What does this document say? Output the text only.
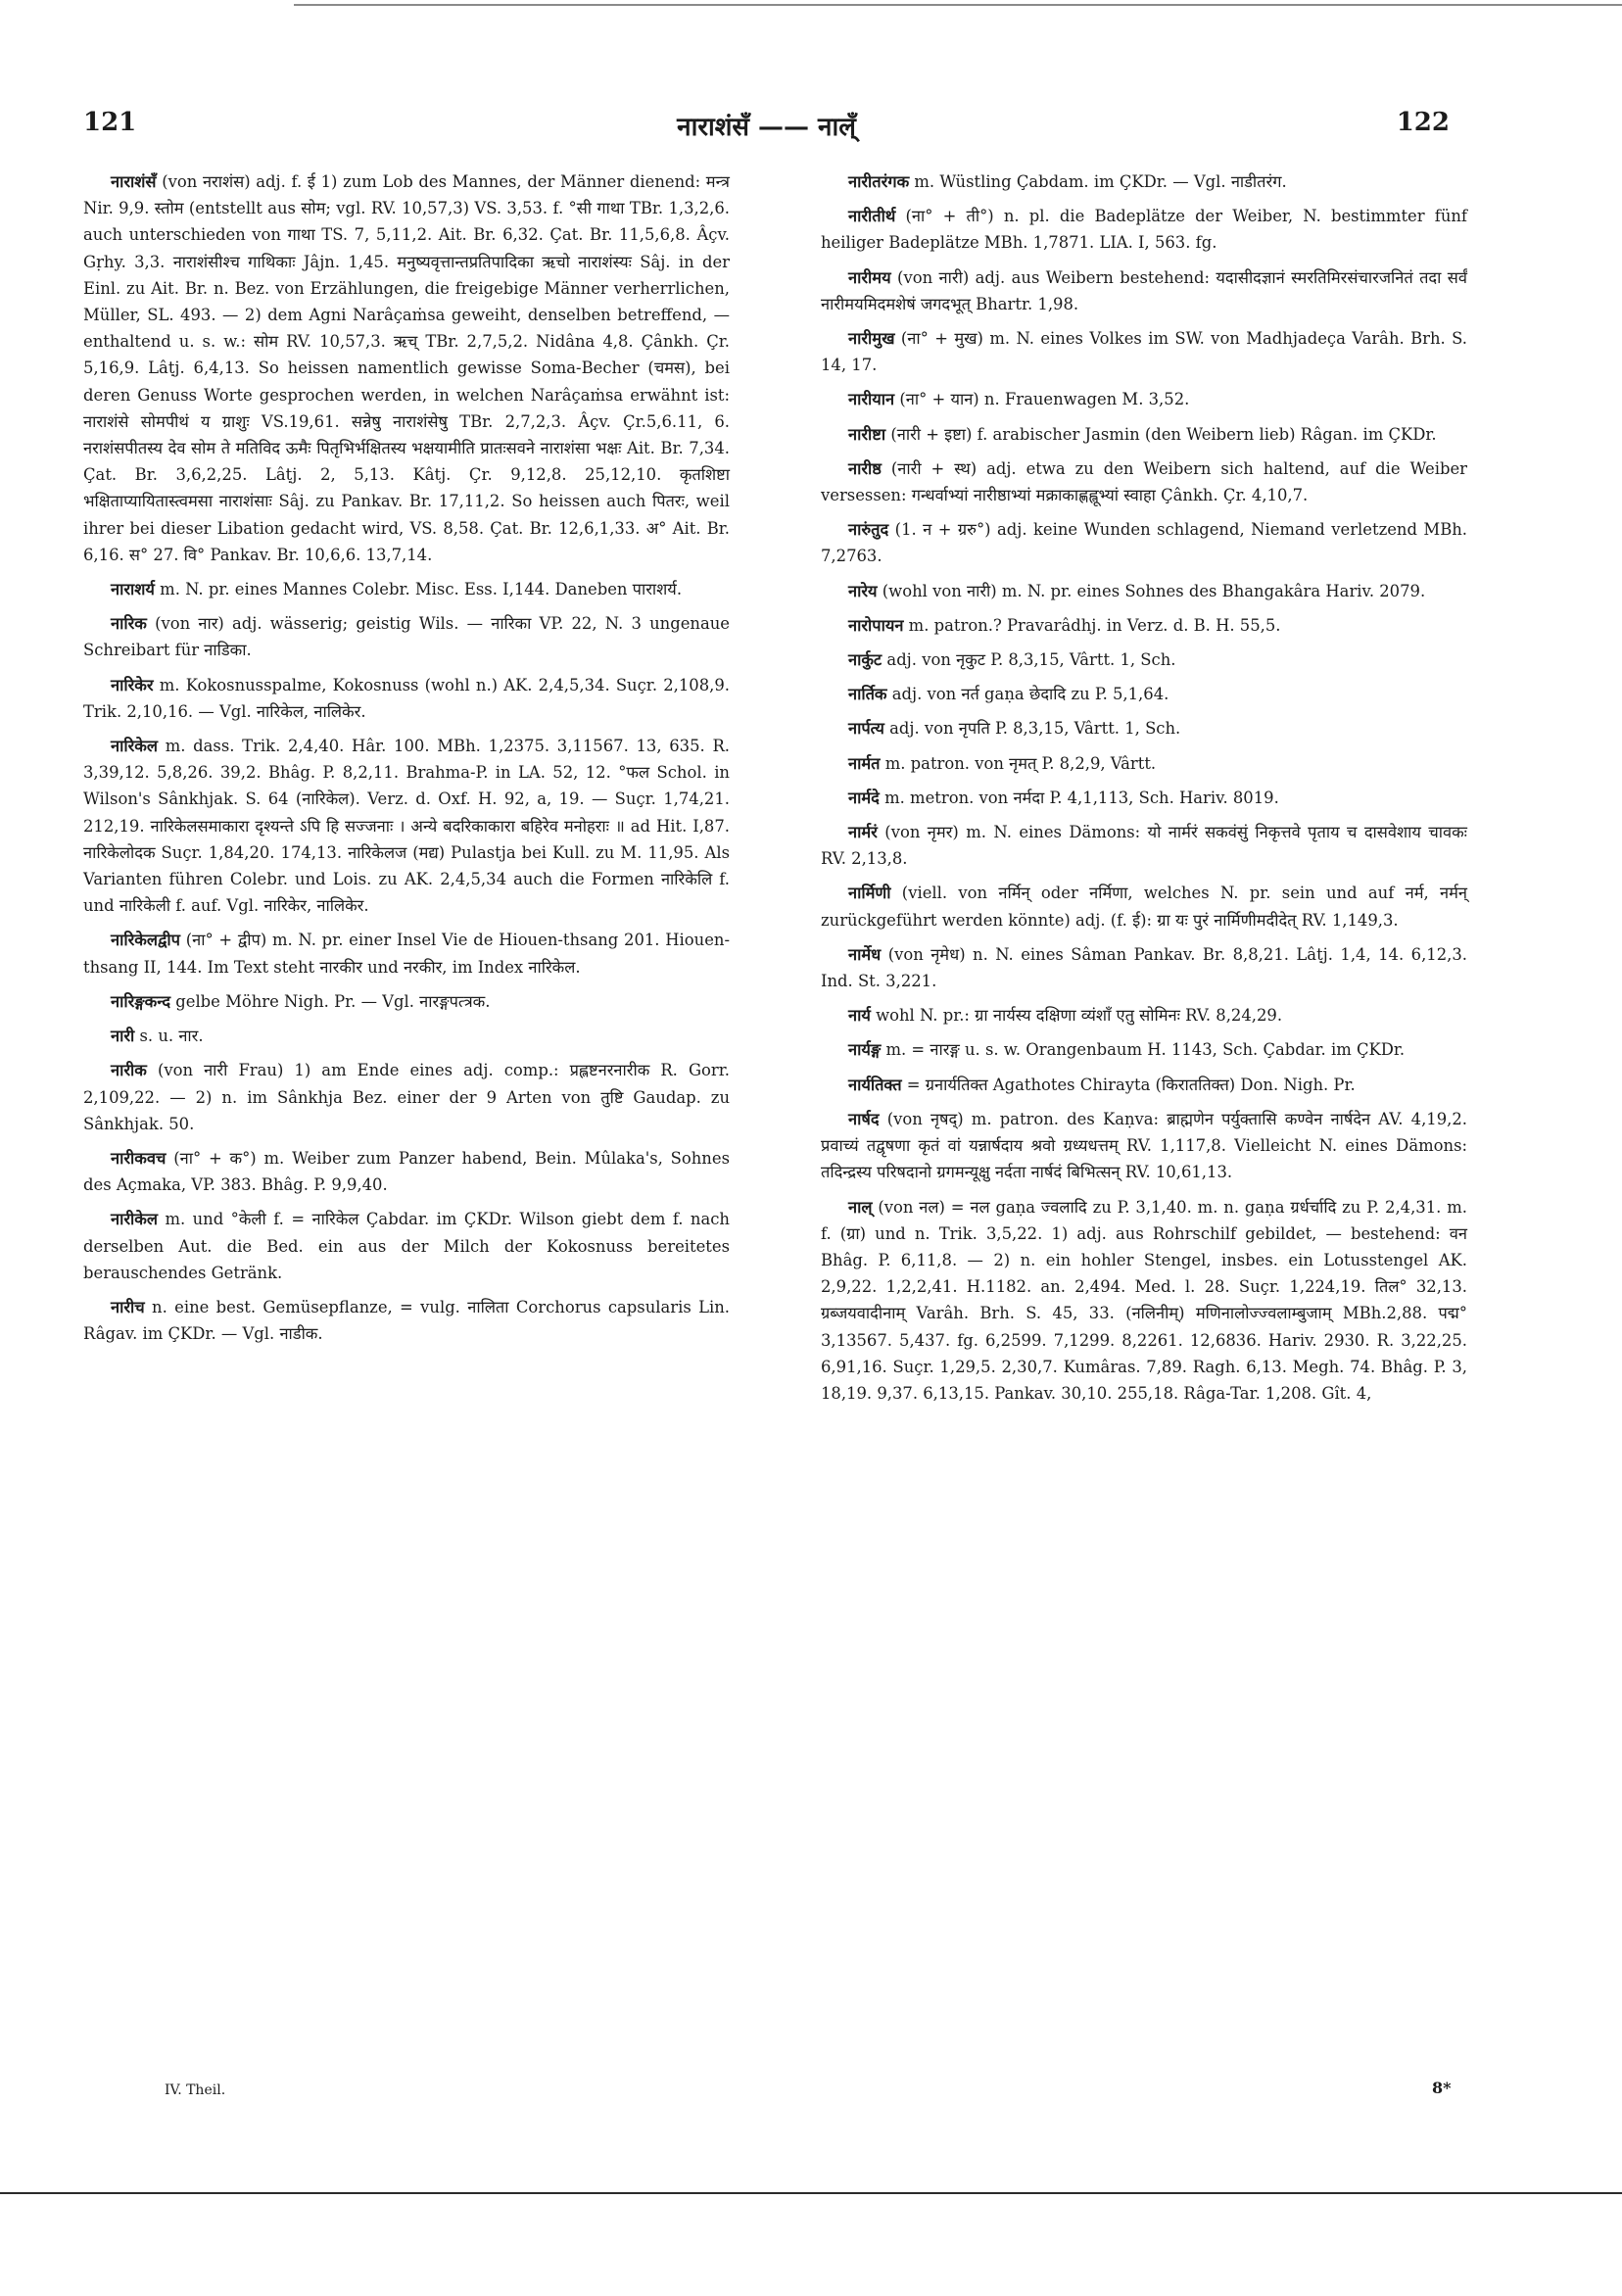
121	नाराशंसँ —— नाल्ँ	122

नाराशंसँ (von नराशंस) adj. f. ई 1) zum Lob des Mannes, der Männer dienend: मन्त्र Nir. 9,9. स्तोम (entstellt aus सोम; vgl. RV. 10,57,3) VS. 3,53. f. °सी गाथा TBr. 1,3,2,6. auch unterschieden von गाथा TS. 7, 5,11,2. Ait. Br. 6,32. Çat. Br. 11,5,6,8. Âçv. Gṛhy. 3,3. नाराशंसीश्च गाथिकाः Jâjn. 1,45. मनुष्यवृत्तान्तप्रतिपादिका ऋचो नाराशंस्यः Sâj. in der Einl. zu Ait. Br. n. Bez. von Erzählungen, die freigebige Männer verherrlichen, Müller, SL. 493. — 2) dem Agni Narâçaṁsa geweiht, denselben betreffend, — enthaltend u. s. w.: सोम RV. 10,57,3. ऋच् TBr. 2,7,5,2. Nidâna 4,8. Çânkh. Çr. 5,16,9. Lâṭj. 6,4,13. So heissen namentlich gewisse Soma-Becher (चमस), bei deren Genuss Worte gesprochen werden, in welchen Narâçaṁsa erwähnt ist: नाराशंसे सोमपीथं य ग्राशुः VS.19,61. सन्नेषु नाराशंसेषु TBr. 2,7,2,3. Âçv. Çr.5,6.11, 6. नराशंसपीतस्य देव सोम ते मतिविद ऊमैः पितृभिर्भक्षितस्य भक्षयामीति प्रातःसवने नाराशंसा भक्षः Ait. Br. 7,34. Çat. Br. 3,6,2,25. Lâṭj. 2, 5,13. Kâtj. Çr. 9,12,8. 25,12,10. कृतशिष्टा भक्षिताप्यायितास्त्वमसा नाराशंसाः Sâj. zu Pankav. Br. 17,11,2. So heissen auch पितरः, weil ihrer bei dieser Libation gedacht wird, VS. 8,58. Çat. Br. 12,6,1,33. अ° Ait. Br. 6,16. स° 27. वि° Pankav. Br. 10,6,6. 13,7,14.

नाराशर्य m. N. pr. eines Mannes Colebr. Misc. Ess. I,144. Daneben पाराशर्य.

नारिक (von नार) adj. wässerig; geistig Wils. — नारिका VP. 22, N. 3 ungenaue Schreibart für नाडिका.

नारिकेर m. Kokosnusspalme, Kokosnuss (wohl n.) AK. 2,4,5,34. Suçr. 2,108,9. Trik. 2,10,16. — Vgl. नारिकेल, नालिकेर.

नारिकेल m. dass. Trik. 2,4,40. Hâr. 100. MBh. 1,2375. 3,11567. 13, 635. R. 3,39,12. 5,8,26. 39,2. Bhâg. P. 8,2,11. Brahma-P. in LA. 52, 12. °फल Schol. in Wilson's Sânkhjak. S. 64 (नारिकेल). Verz. d. Oxf. H. 92, a, 19. — Suçr. 1,74,21. 212,19. नारिकेलसमाकारा दृश्यन्ते ऽपि हि सज्जनाः । अन्ये बदरिकाकारा बहिरेव मनोहराः ॥ ad Hit. I,87. नारिकेलोदक Suçr. 1,84,20. 174,13. नारिकेलज (मद्य) Pulastja bei Kull. zu M. 11,95. Als Varianten führen Colebr. und Lois. zu AK. 2,4,5,34 auch die Formen नारिकेलि f. und नारिकेली f. auf. Vgl. नारिकेर, नालिकेर.

नारिकेलद्वीप (ना° + द्वीप) m. N. pr. einer Insel Vie de Hiouen-thsang 201. Hiouen-thsang II, 144. Im Text steht नारकीर und नरकीर, im Index नारिकेल.

नारिङ्गकन्द gelbe Möhre Nigh. Pr. — Vgl. नारङ्गपत्त्रक.

नारी s. u. नार.

नारीक (von नारी Frau) 1) am Ende eines adj. comp.: प्रह्लष्टनरनारीक R. Gorr. 2,109,22. — 2) n. im Sânkhja Bez. einer der 9 Arten von तुष्टि Gaudap. zu Sânkhjak. 50.

नारीकवच (ना° + क°) m. Weiber zum Panzer habend, Bein. Mûlaka's, Sohnes des Açmaka, VP. 383. Bhâg. P. 9,9,40.

नारीकेल m. und °केली f. = नारिकेल Çabdar. im ÇKDr. Wilson giebt dem f. nach derselben Aut. die Bed. ein aus der Milch der Kokosnuss bereitetes berauschendes Getränk.

नारीच n. eine best. Gemüsepflanze, = vulg. नालिता Corchorus capsularis Lin. Râgav. im ÇKDr. — Vgl. नाडीक.

नारीतरंगक m. Wüstling Çabdam. im ÇKDr. — Vgl. नाडीतरंग.

नारीतीर्थ (ना° + ती°) n. pl. die Badeplätze der Weiber, N. bestimmter fünf heiliger Badeplätze MBh. 1,7871. LIA. I, 563. fg.

नारीमय (von नारी) adj. aus Weibern bestehend: यदासीदज्ञानं स्मरतिमिरसंचारजनितं तदा सर्वं नारीमयमिदमशेषं जगदभूत् Bhartr. 1,98.

नारीमुख (ना° + मुख) m. N. eines Volkes im SW. von Madhjadeça Varâh. Brh. S. 14, 17.

नारीयान (ना° + यान) n. Frauenwagen M. 3,52.

नारीष्टा (नारी + इष्टा) f. arabischer Jasmin (den Weibern lieb) Râgan. im ÇKDr.

नारीष्ठ (नारी + स्थ) adj. etwa zu den Weibern sich haltend, auf die Weiber versessen: गन्धर्वाभ्यां नारीष्ठाभ्यां मक्राकाह्णह्लूभ्यां स्वाहा Çânkh. Çr. 4,10,7.

नारुंतुद (1. न + ग्ररु°) adj. keine Wunden schlagend, Niemand verletzend MBh. 7,2763.

नारेय (wohl von नारी) m. N. pr. eines Sohnes des Bhangakâra Hariv. 2079.

नारोपायन m. patron.? Pravarâdhj. in Verz. d. B. H. 55,5.

नार्कुट adj. von नृकुट P. 8,3,15, Vârtt. 1, Sch.

नार्तिक adj. von नर्त gaṇa छेदादि zu P. 5,1,64.

नार्पत्य adj. von नृपति P. 8,3,15, Vârtt. 1, Sch.

नार्मत m. patron. von नृमत् P. 8,2,9, Vârtt.

नार्मदे m. metron. von नर्मदा P. 4,1,113, Sch. Hariv. 8019.

नार्मरं (von नृमर) m. N. eines Dämons: यो नार्मरं सकवंसुं निकृत्तवे पृताय च दासवेशाय चावकः RV. 2,13,8.

नार्मिणी (viell. von नर्मिन् oder नर्मिणा, welches N. pr. sein und auf नर्म, नर्मन् zurückgeführt werden könnte) adj. (f. ई): ग्रा यः पुरं नार्मिणीमदीदेत् RV. 1,149,3.

नार्मेध (von नृमेध) n. N. eines Sâman Pankav. Br. 8,8,21. Lâṭj. 1,4, 14. 6,12,3. Ind. St. 3,221.

नार्य wohl N. pr.: ग्रा नार्यस्य दक्षिणा व्यंशाँ एतु सोमिनः RV. 8,24,29.

नार्यङ्ग m. = नारङ्ग u. s. w. Orangenbaum H. 1143, Sch. Çabdar. im ÇKDr.

नार्यतिक्त = ग्रनार्यतिक्त Agathotes Chirayta (किराततिक्त) Don. Nigh. Pr.

नार्षद (von नृषद्) m. patron. des Kaṇva: ब्राह्मणेन पर्युक्तासि कण्वेन नार्षदेन AV. 4,19,2. प्रवाच्यं तद्वृषणा कृतं वां यन्नार्षदाय श्रवो ग्रध्यधत्तम् RV. 1,117,8. Vielleicht N. eines Dämons: तदिन्द्रस्य परिषदानो ग्रगमन्यूक्षु नर्दता नार्षदं बिभित्सन् RV. 10,61,13.

नाल् (von नल) = नल gaṇa ज्वलादि zu P. 3,1,40. m. n. gaṇa ग्रर्धर्चादि zu P. 2,4,31. m. f. (ग्रा) und n. Trik. 3,5,22. 1) adj. aus Rohrschilf gebildet, — bestehend: वन Bhâg. P. 6,11,8. — 2) n. ein hohler Stengel, insbes. ein Lotusstengel AK. 2,9,22. 1,2,2,41. H.1182. an. 2,494. Med. l. 28. Suçr. 1,224,19. तिल° 32,13. ग्रब्जयवादीनाम् Varâh. Brh. S. 45, 33. (नलिनीम्) मणिनालोज्ज्वलाम्बुजाम् MBh.2,88. पद्म° 3,13567. 5,437. fg. 6,2599. 7,1299. 8,2261. 12,6836. Hariv. 2930. R. 3,22,25. 6,91,16. Suçr. 1,29,5. 2,30,7. Kumâras. 7,89. Ragh. 6,13. Megh. 74. Bhâg. P. 3, 18,19. 9,37. 6,13,15. Pankav. 30,10. 255,18. Râga-Tar. 1,208. Gît. 4,

IV. Theil.	8*
